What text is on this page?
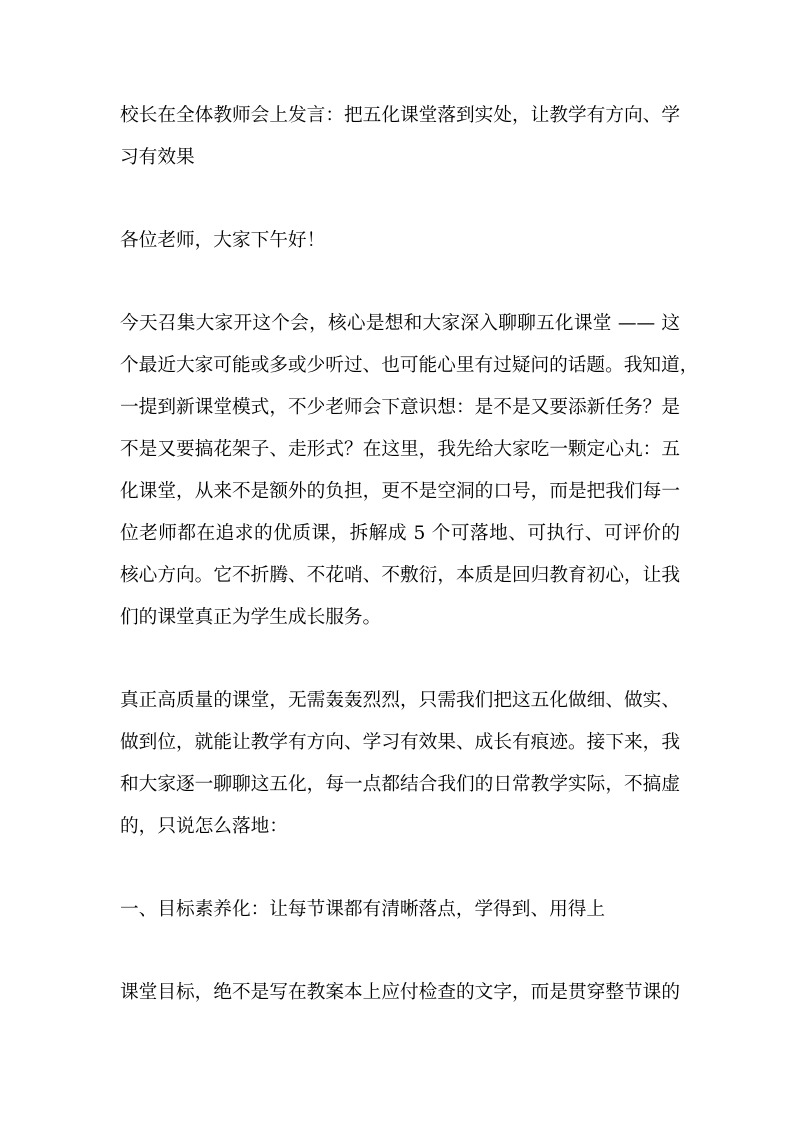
校长在全体教师会上发言：把五化课堂落到实处，让教学有方向、学
习有效果
各位老师，大家下午好！
今天召集大家开这个会，核心是想和大家深入聊聊五化课堂 —— 这
个最近大家可能或多或少听过、也可能心里有过疑问的话题。我知道，
一提到新课堂模式，不少老师会下意识想：是不是又要添新任务？是
不是又要搞花架子、走形式？在这里，我先给大家吃一颗定心丸：五
化课堂，从来不是额外的负担，更不是空洞的口号，而是把我们每一
位老师都在追求的优质课，拆解成 5 个可落地、可执行、可评价的
核心方向。它不折腾、不花哨、不敷衍，本质是回归教育初心，让我
们的课堂真正为学生成长服务。
真正高质量的课堂，无需轰轰烈烈，只需我们把这五化做细、做实、
做到位，就能让教学有方向、学习有效果、成长有痕迹。接下来，我
和大家逐一聊聊这五化，每一点都结合我们的日常教学实际，不搞虚
的，只说怎么落地：
一、目标素养化：让每节课都有清晰落点，学得到、用得上
课堂目标，绝不是写在教案本上应付检查的文字，而是贯穿整节课的
